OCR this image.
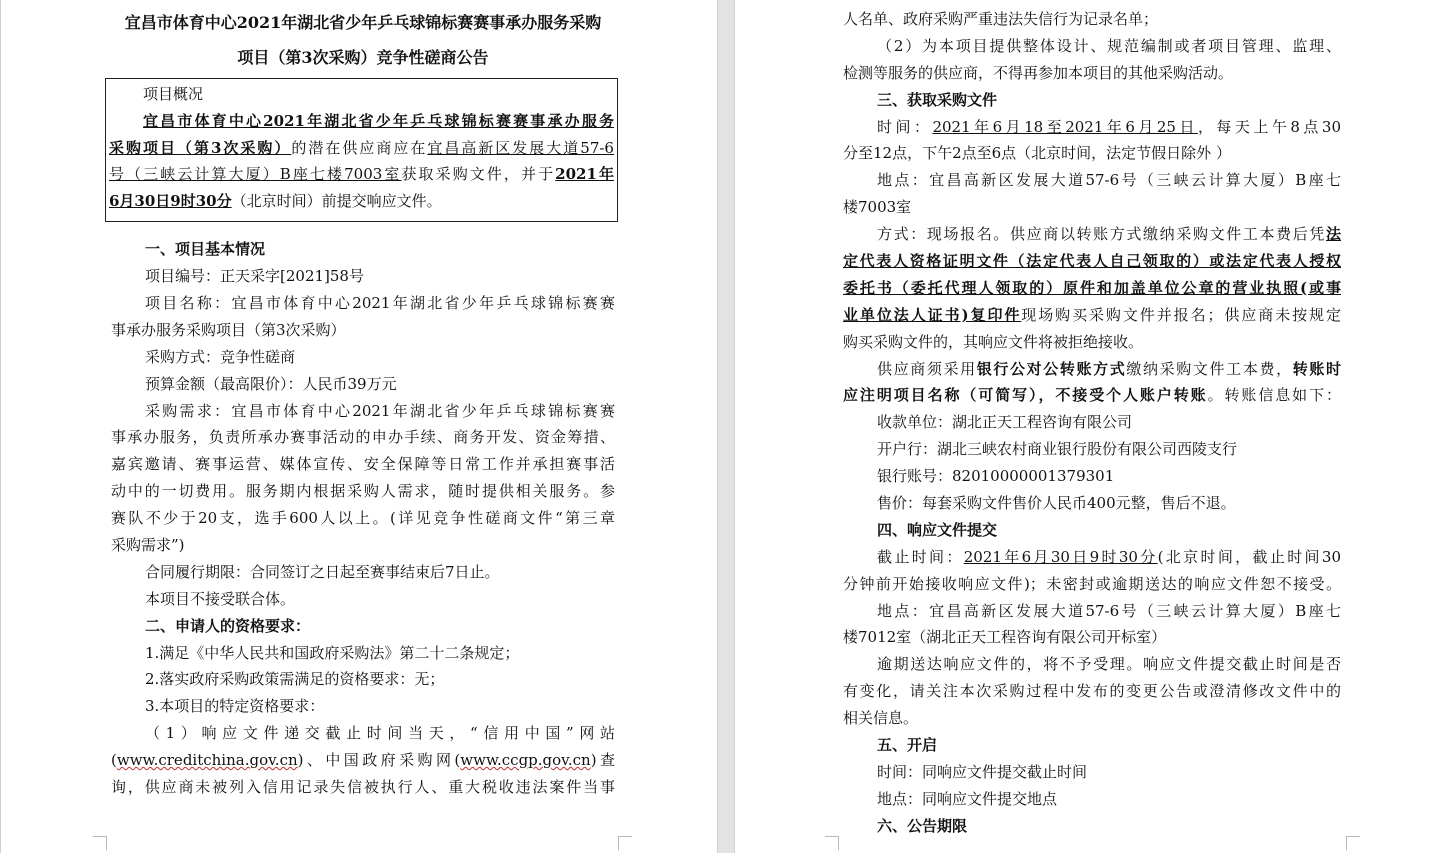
宜昌市体育中心2021年湖北省少年乒乓球锦标赛赛事承办服务采购
项目（第3次采购）竞争性磋商公告
项目概况
宜昌市体育中心2021年湖北省少年乒乓球锦标赛赛事承办服务
采购项目（第3次采购）的潜在供应商应在宜昌高新区发展大道57-6
号（三峡云计算大厦）B座七楼7003室获取采购文件，并于2021年
6月30日9时30分（北京时间）前提交响应文件。
一、项目基本情况
项目编号：正天采字[2021]58号
项目名称：宜昌市体育中心2021年湖北省少年乒乓球锦标赛赛
事承办服务采购项目（第3次采购）
采购方式：竞争性磋商
预算金额（最高限价）：人民币39万元
采购需求：宜昌市体育中心2021年湖北省少年乒乓球锦标赛赛
事承办服务，负责所承办赛事活动的申办手续、商务开发、资金筹措、
嘉宾邀请、赛事运营、媒体宣传、安全保障等日常工作并承担赛事活
动中的一切费用。服务期内根据采购人需求，随时提供相关服务。参
赛队不少于20支，选手600人以上。(详见竞争性磋商文件“第三章
采购需求”)
合同履行期限：合同签订之日起至赛事结束后7日止。
本项目不接受联合体。
二、申请人的资格要求：
1.满足《中华人民共和国政府采购法》第二十二条规定；
2.落实政府采购政策需满足的资格要求：无；
3.本项目的特定资格要求：
（1）响应文件递交截止时间当天，“信用中国”网站
(www.creditchina.gov.cn)、中国政府采购网(www.ccgp.gov.cn)查
询，供应商未被列入信用记录失信被执行人、重大税收违法案件当事
人名单、政府采购严重违法失信行为记录名单；
（2）为本项目提供整体设计、规范编制或者项目管理、监理、
检测等服务的供应商，不得再参加本项目的其他采购活动。
三、获取采购文件
时间：2021年6月18至2021年6月25日，每天上午8点30
分至12点，下午2点至6点（北京时间，法定节假日除外 ）
地点：宜昌高新区发展大道57-6号（三峡云计算大厦）B座七
楼7003室
方式：现场报名。供应商以转账方式缴纳采购文件工本费后凭法
定代表人资格证明文件（法定代表人自己领取的）或法定代表人授权
委托书（委托代理人领取的）原件和加盖单位公章的营业执照(或事
业单位法人证书)复印件现场购买采购文件并报名；供应商未按规定
购买采购文件的，其响应文件将被拒绝接收。
供应商须采用银行公对公转账方式缴纳采购文件工本费，转账时
应注明项目名称（可简写），不接受个人账户转账。转账信息如下：
收款单位：湖北正天工程咨询有限公司
开户行：湖北三峡农村商业银行股份有限公司西陵支行
银行账号：82010000001379301
售价：每套采购文件售价人民币400元整，售后不退。
四、响应文件提交
截止时间：2021年6月30日9时30分(北京时间，截止时间30
分钟前开始接收响应文件)；未密封或逾期送达的响应文件恕不接受。
地点：宜昌高新区发展大道57-6号（三峡云计算大厦）B座七
楼7012室（湖北正天工程咨询有限公司开标室）
逾期送达响应文件的，将不予受理。响应文件提交截止时间是否
有变化，请关注本次采购过程中发布的变更公告或澄清修改文件中的
相关信息。
五、开启
时间：同响应文件提交截止时间
地点：同响应文件提交地点
六、公告期限
